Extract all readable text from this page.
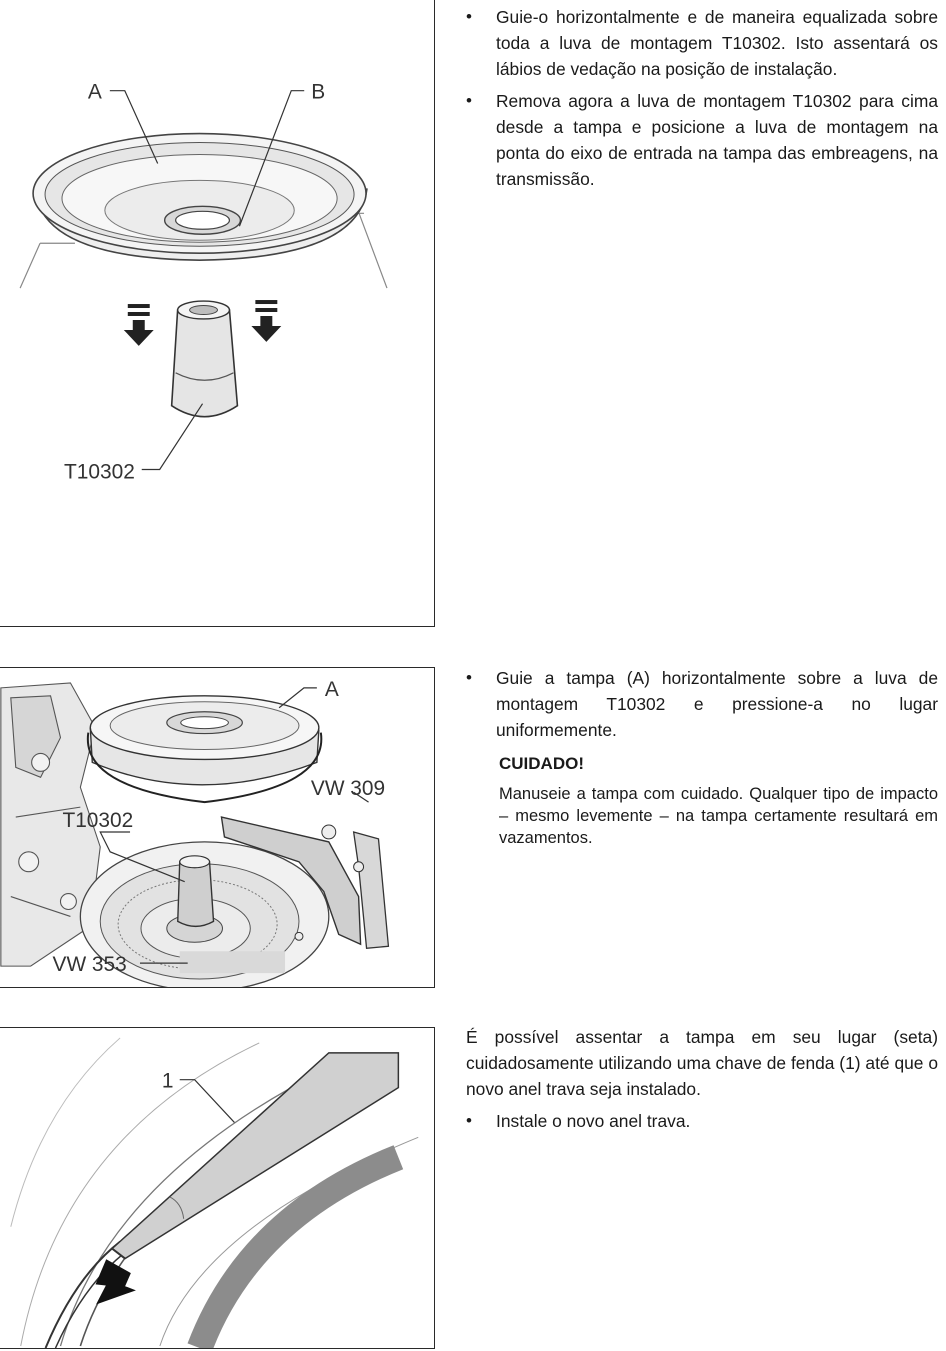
A	B
T10302
• Guie-o horizontalmente e de maneira equalizada sobre toda a luva de montagem T10302. Isto assentará os lábios de vedação na posição de instalação.
• Remova agora a luva de montagem T10302 para cima desde a tampa e posicione a luva de montagem na ponta do eixo de entrada na tampa das embreagens, na transmissão.
A
VW 309
T10302
VW 353
• Guie a tampa (A) horizontalmente sobre a luva de montagem T10302 e pressione-a no lugar uniformemente.
CUIDADO!
Manuseie a tampa com cuidado. Qualquer tipo de impacto – mesmo levemente – na tampa certamente resultará em vazamentos.
1

É possível assentar a tampa em seu lugar (seta) cuidadosamente utilizando uma chave de fenda (1) até que o novo anel trava seja instalado.

• Instale o novo anel trava.
